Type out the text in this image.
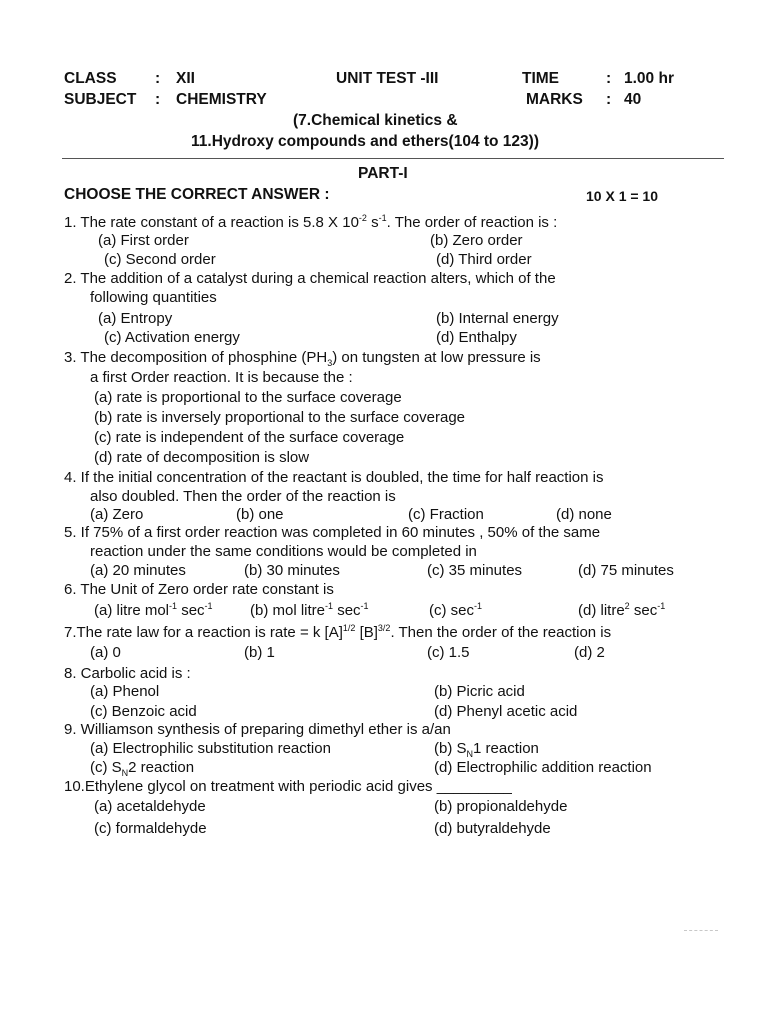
CLASS : XII	UNIT TEST -III	TIME	: 1.00 hr
SUBJECT : CHEMISTRY	MARKS : 40
(7.Chemical kinetics &
11.Hydroxy compounds and ethers(104 to 123))
PART-I
CHOOSE THE CORRECT ANSWER :	10 X 1 = 10
1. The rate constant of a reaction is 5.8 X $10^{-2}$ $s^{-1}$. The order of reaction is :
(a) First order	(b) Zero order
(c) Second order	(d) Third order
2. The addition of a catalyst during a chemical reaction alters, which of the
following quantities
(a) Entropy	(b) Internal energy
(c) Activation energy	(d) Enthalpy
3. The decomposition of phosphine $(PH_3)$ on tungsten at low pressure is
a first Order reaction. It is because the :
(a) rate is proportional to the surface coverage
(b) rate is inversely proportional to the surface coverage
(c) rate is independent of the surface coverage
(d) rate of decomposition is slow
4. If the initial concentration of the reactant is doubled, the time for half reaction is
also doubled. Then the order of the reaction is
(a) Zero	(b) one	(c) Fraction	(d) none
5. If 75% of a first order reaction was completed in 60 minutes , 50% of the same
reaction under the same conditions would be completed in
(a) 20 minutes	(b) 30 minutes	(c) 35 minutes	(d) 75 minutes
6. The Unit of Zero order rate constant is
(a) litre mol$^{-1}$ $\sec^{-1} (b)$ mol litre$^{-1}$ $\sec^{-1}$	(c) $\sec^{-1}$	(d) litre$^2$ $\sec^{-1}$
7.The rate law for a reaction is rate = k $[A]^{1/2}$ $[B]^{3/2}$. Then the order of the reaction is
(a) 0	(b) 1	(c) 1.5	(d) 2
8. Carbolic acid is :
(a) Phenol	(b) Picric acid
(c) Benzoic acid	(d) Phenyl acetic acid
9. Williamson synthesis of preparing dimethyl ether is a/an
(a) Electrophilic substitution reaction	(b) $S_N1$ reaction
(c) $S_N2$ reaction	(d) Electrophilic addition reaction
10.Ethylene glycol on treatment with periodic acid gives _________
(a) acetaldehyde	(b) propionaldehyde
(c) formaldehyde	(d) butyraldehyde
